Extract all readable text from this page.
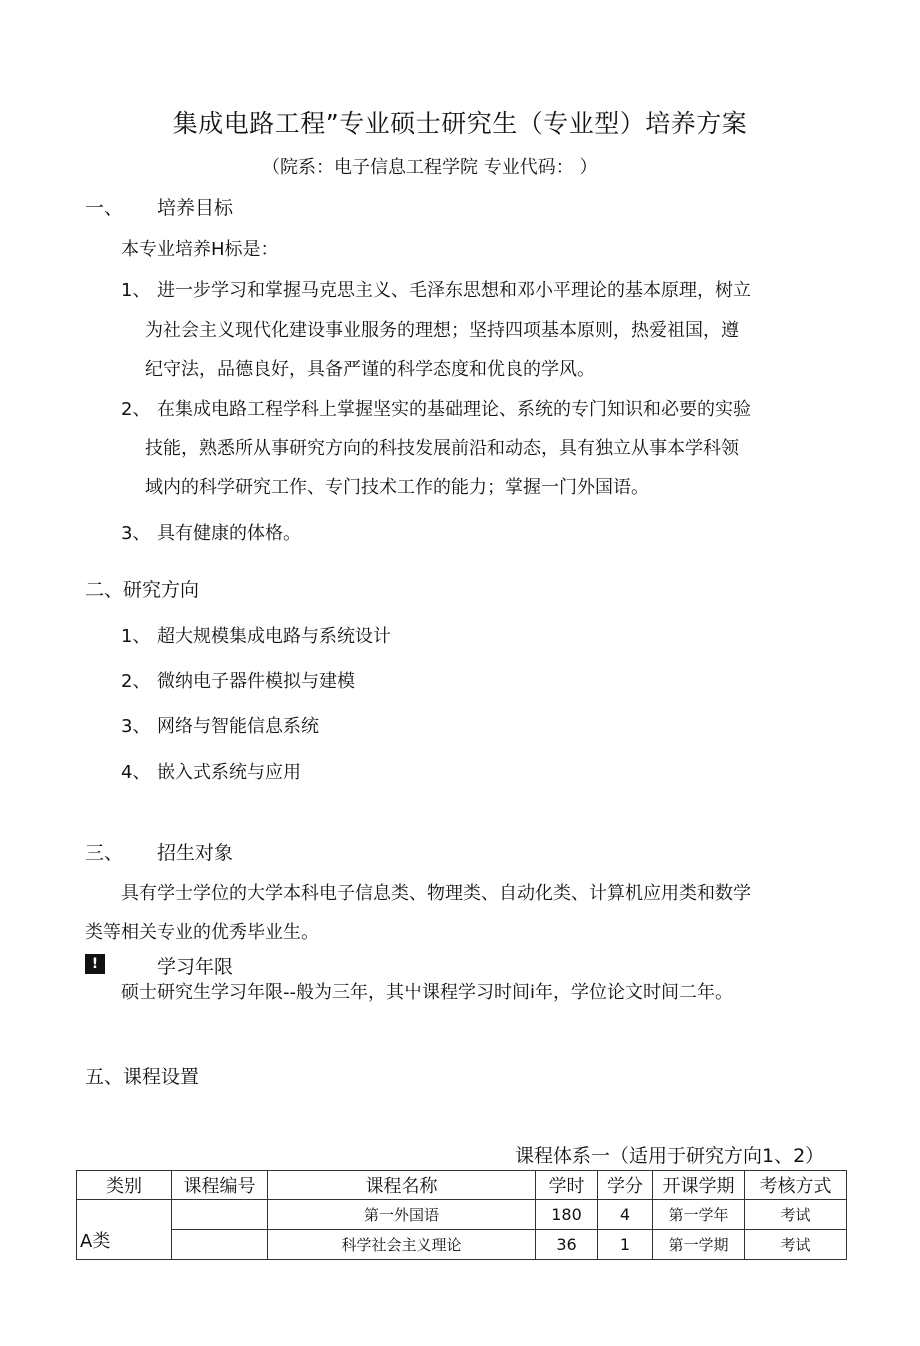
集成电路工程”专业硕士研究生（专业型）培养方案
（院系：电子信息工程学院 专业代码： ）
一、 培养目标
本专业培养H标是：
1、 进一步学习和掌握马克思主义、毛泽东思想和邓小平理论的基本原理，树立
为社会主义现代化建设事业服务的理想；坚持四项基本原则，热爱祖国，遵
纪守法，品德良好，具备严谨的科学态度和优良的学风。
2、 在集成电路工程学科上掌握坚实的基础理论、系统的专门知识和必要的实验
技能，熟悉所从事研究方向的科技发展前沿和动态，具有独立从事本学科领
域内的科学研究工作、专门技术工作的能力；掌握一门外国语。
3、 具有健康的体格。
二、研究方向
1、 超大规模集成电路与系统设计
2、 微纳电子器件模拟与建模
3、 网络与智能信息系统
4、 嵌入式系统与应用
三、 招生对象
具有学士学位的大学本科电子信息类、物理类、自动化类、计算机应用类和数学
类等相关专业的优秀毕业生。
!	学习年限
硕士研究生学习年限--般为三年，其屮课程学习时间i年，学位论文时间二年。
五、课程设置
课程体系一（适用于研究方向1、2）
类别	课程编号	课程名称	学时	学分	开课学期	考核方式
A类		第一外国语	180	4	第一学年	考试
		科学社会主义理论	36	1	第一学期	考试
